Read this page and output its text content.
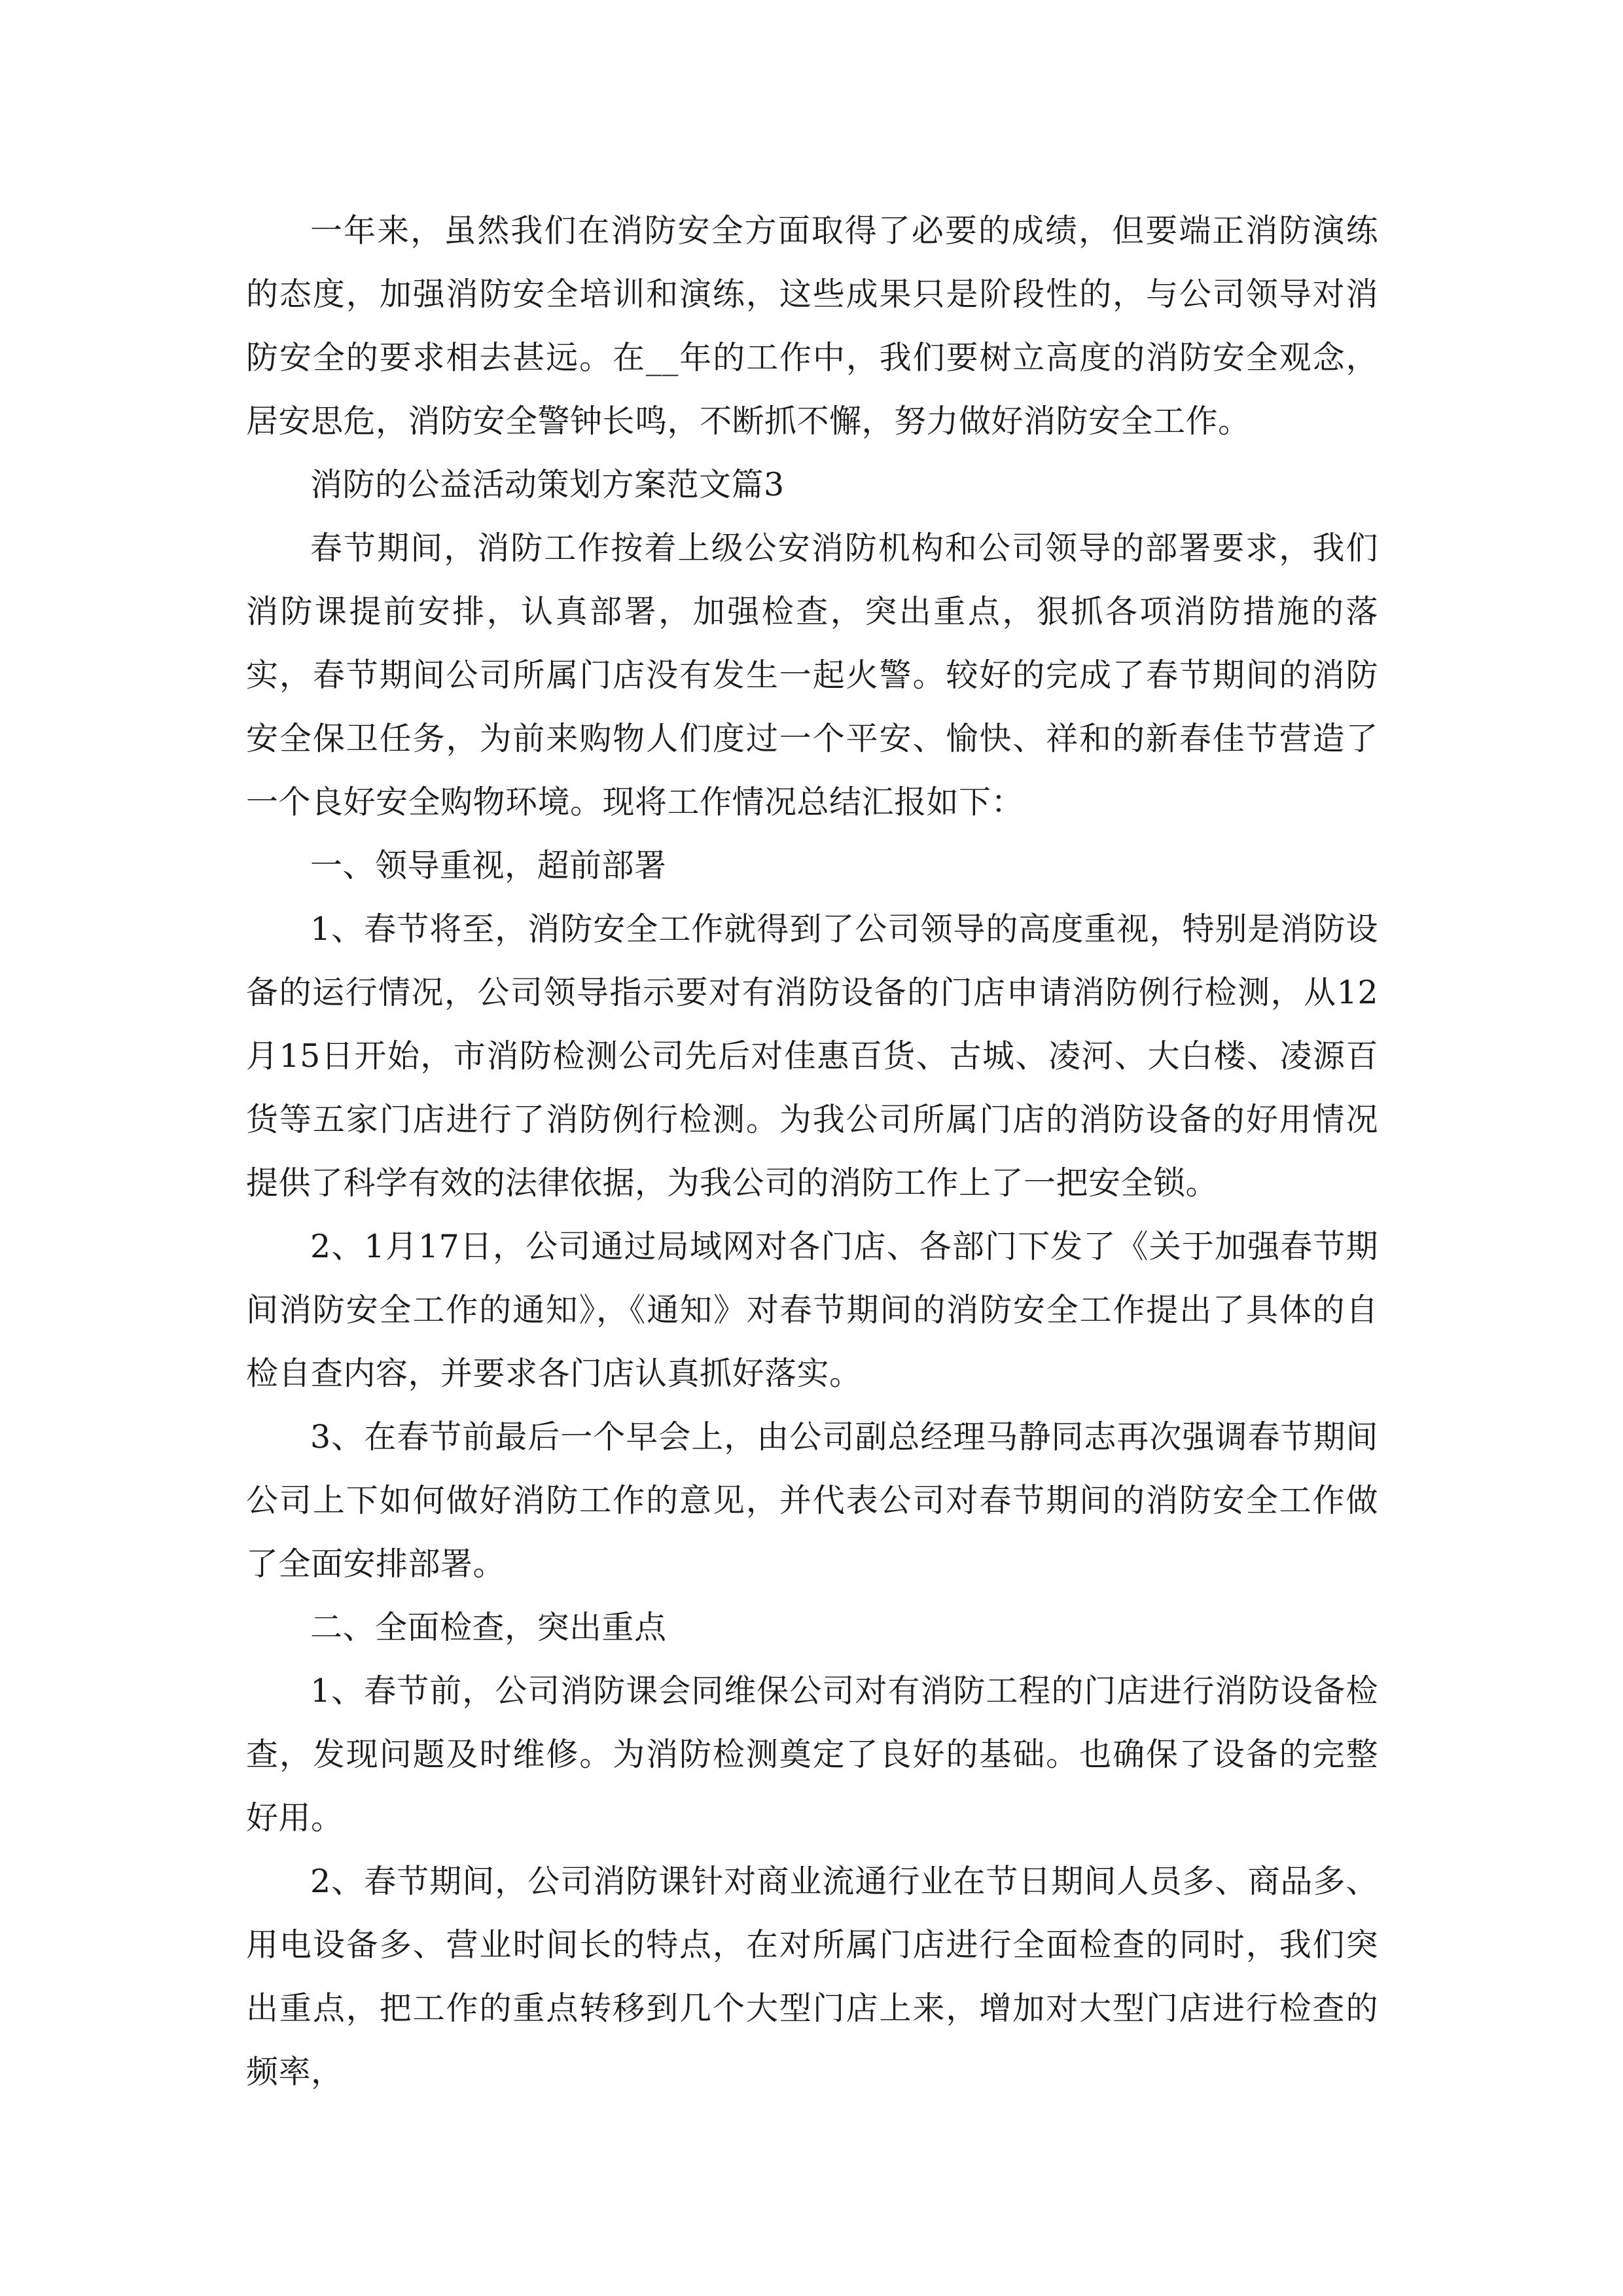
一年来，虽然我们在消防安全方面取得了必要的成绩，但要端正消防演练的态度，加强消防安全培训和演练，这些成果只是阶段性的，与公司领导对消防安全的要求相去甚远。在__年的工作中，我们要树立高度的消防安全观念，居安思危，消防安全警钟长鸣，不断抓不懈，努力做好消防安全工作。

消防的公益活动策划方案范文篇3

春节期间，消防工作按着上级公安消防机构和公司领导的部署要求，我们消防课提前安排，认真部署，加强检查，突出重点，狠抓各项消防措施的落实，春节期间公司所属门店没有发生一起火警。较好的完成了春节期间的消防安全保卫任务，为前来购物人们度过一个平安、愉快、祥和的新春佳节营造了一个良好安全购物环境。现将工作情况总结汇报如下：

一、领导重视，超前部署

1、春节将至，消防安全工作就得到了公司领导的高度重视，特别是消防设备的运行情况，公司领导指示要对有消防设备的门店申请消防例行检测，从12月15日开始，市消防检测公司先后对佳惠百货、古城、凌河、大白楼、凌源百货等五家门店进行了消防例行检测。为我公司所属门店的消防设备的好用情况提供了科学有效的法律依据，为我公司的消防工作上了一把安全锁。

2、1月17日，公司通过局域网对各门店、各部门下发了《关于加强春节期间消防安全工作的通知》，《通知》对春节期间的消防安全工作提出了具体的自检自查内容，并要求各门店认真抓好落实。

3、在春节前最后一个早会上，由公司副总经理马静同志再次强调春节期间公司上下如何做好消防工作的意见，并代表公司对春节期间的消防安全工作做了全面安排部署。

二、全面检查，突出重点

1、春节前，公司消防课会同维保公司对有消防工程的门店进行消防设备检查，发现问题及时维修。为消防检测奠定了良好的基础。也确保了设备的完整好用。

2、春节期间，公司消防课针对商业流通行业在节日期间人员多、商品多、用电设备多、营业时间长的特点，在对所属门店进行全面检查的同时，我们突出重点，把工作的重点转移到几个大型门店上来，增加对大型门店进行检查的频率，
